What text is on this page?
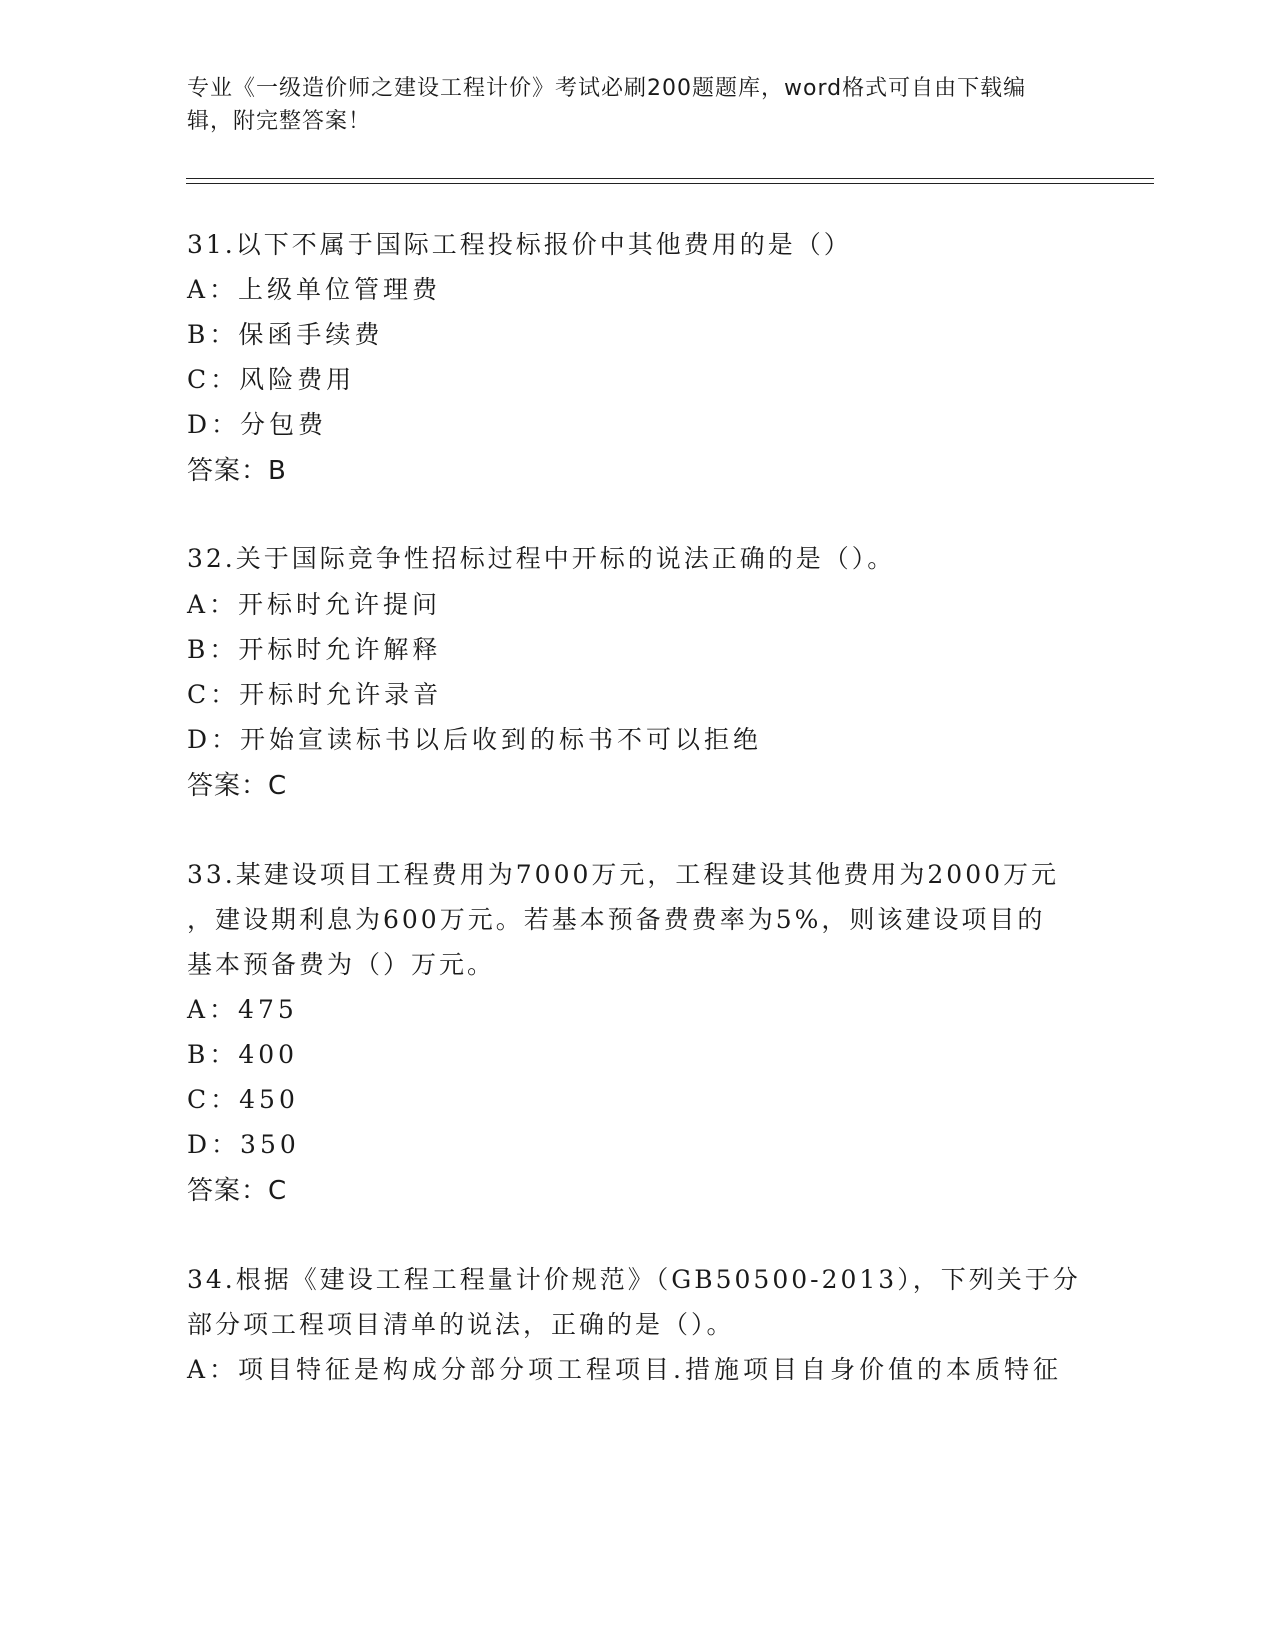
专业《一级造价师之建设工程计价》考试必刷200题题库，word格式可自由下载编辑，附完整答案！
31.以下不属于国际工程投标报价中其他费用的是（）
A：上级单位管理费
B：保函手续费
C：风险费用
D：分包费
答案：B
32.关于国际竞争性招标过程中开标的说法正确的是（）。
A：开标时允许提问
B：开标时允许解释
C：开标时允许录音
D：开始宣读标书以后收到的标书不可以拒绝
答案：C
33.某建设项目工程费用为7000万元，工程建设其他费用为2000万元
，建设期利息为600万元。若基本预备费费率为5%，则该建设项目的
基本预备费为（）万元。
A：475
B：400
C：450
D：350
答案：C
34.根据《建设工程工程量计价规范》（GB50500-2013），下列关于分
部分项工程项目清单的说法，正确的是（）。
A：项目特征是构成分部分项工程项目.措施项目自身价值的本质特征
